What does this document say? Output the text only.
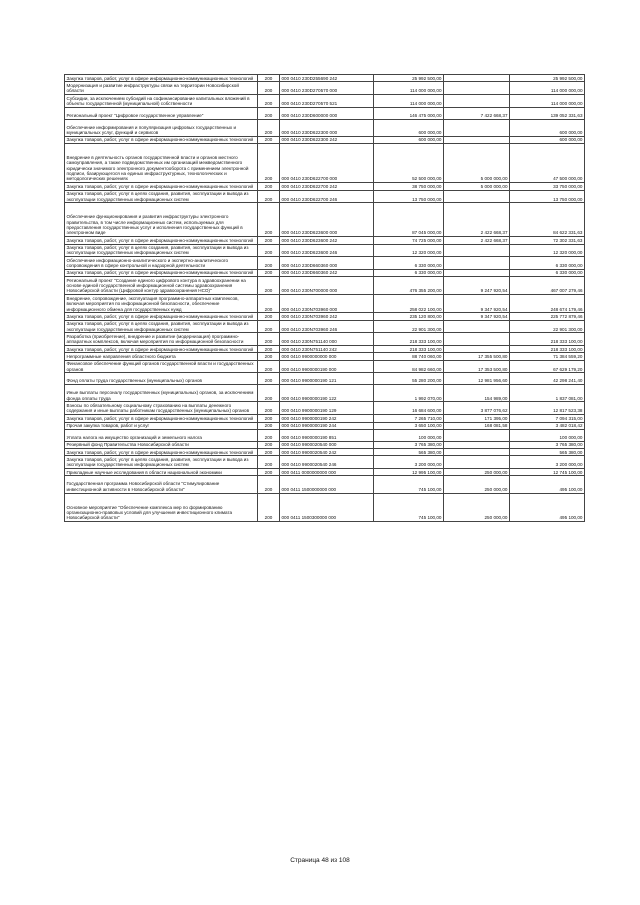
Закупка товаров, работ, услуг в сфере информационно-коммуникационных технологий	200	000 0410 230D255690 242	25 992 500,00		25 992 500,00
Модернизация и развитие инфраструктуры связи на территории Новосибирской области	200	000 0410 230D270570 000	114 000 000,00		114 000 000,00
Субсидии, за исключением субсидий на софинансирование капитальных вложений в объекты государственной (муниципальной) собственности	200	000 0410 230D270570 521	114 000 000,00		114 000 000,00
Региональный проект "Цифровое государственное управление"	200	000 0410 230D600000 000	146 475 000,00	7 422 668,37	139 052 331,63
Обеспечение информирования и популяризация цифровых государственных и муниципальных услуг, функций и сервисов	200	000 0410 230D622300 000	600 000,00		600 000,00
Закупка товаров, работ, услуг в сфере информационно-коммуникационных технологий	200	000 0410 230D622300 242	600 000,00		600 000,00
Внедрение в деятельность органов государственной власти и органов местного самоуправления, а также подведомственных им организаций межведомственного юридически значимого электронного документооборота с применением электронной подписи, базирующегося на единых инфраструктурных, технологических и методологических решениях	200	000 0410 230D622700 000	52 500 000,00	5 000 000,00	47 500 000,00
Закупка товаров, работ, услуг в сфере информационно-коммуникационных технологий	200	000 0410 230D622700 242	38 750 000,00	5 000 000,00	33 750 000,00
Закупка товаров, работ, услуг в целях создания, развития, эксплуатации и вывода из эксплуатации государственных информационных систем	200	000 0410 230D622700 246	13 750 000,00		13 750 000,00
Обеспечение функционирования и развития инфраструктуры электронного правительства, в том числе информационных систем, используемых для предоставления государственных услуг и исполнения государственных функций в электронном виде	200	000 0410 230D623600 000	87 045 000,00	2 422 668,37	84 622 331,63
Закупка товаров, работ, услуг в сфере информационно-коммуникационных технологий	200	000 0410 230D623600 242	74 725 000,00	2 422 668,37	72 302 331,63
Закупка товаров, работ, услуг в целях создания, развития, эксплуатации и вывода из эксплуатации государственных информационных систем	200	000 0410 230D623600 246	12 320 000,00		12 320 000,00
Обеспечение информационно-аналитического и экспертно-аналитического сопровождения в сфере контрольной и надзорной деятельности	200	000 0410 230D660360 000	6 330 000,00		6 330 000,00
Закупка товаров, работ, услуг в сфере информационно-коммуникационных технологий	200	000 0410 230D660360 242	6 330 000,00		6 330 000,00
Региональный проект "Создание единого цифрового контура в здравоохранении на основе единой государственной информационной системы здравоохранения Новосибирской области (Цифровой контур здравоохранения НСО)"	200	000 0410 230N700000 000	476 355 200,00	9 247 920,54	467 007 279,46
Внедрение, сопровождение, эксплуатация программно-аппаратных комплексов, включая мероприятия по информационной безопасности, обеспечение информационного обмена для государственных нужд	200	000 0410 230N703960 000	258 022 100,00	9 347 920,54	248 674 179,46
Закупка товаров, работ, услуг в сфере информационно-коммуникационных технологий	200	000 0410 230N703960 242	235 120 800,00	9 347 920,54	225 772 879,46
Закупка товаров, работ, услуг в целях создания, развития, эксплуатации и вывода из эксплуатации государственных информационных систем	200	000 0410 230N703960 246	22 901 300,00		22 901 300,00
Разработка (приобретение), внедрение и развитие (модернизация) программно-аппаратных комплексов, включая мероприятия по информационной безопасности	200	000 0410 230N751140 000	218 333 100,00		218 333 100,00
Закупка товаров, работ, услуг в сфере информационно-коммуникационных технологий	200	000 0410 230N751140 242	218 333 100,00		218 333 100,00
Непрограммные направления областного бюджета	200	000 0410 9900000000 000	88 740 060,00	17 355 500,80	71 384 559,20
Финансовое обеспечение функций органов государственной власти и государственных органов	200	000 0410 9900000190 000	84 982 660,00	17 353 500,80	67 629 179,20
Фонд оплаты труда государственных (муниципальных) органов	200	000 0410 9900000190 121	55 280 200,00	12 981 956,60	42 298 241,40
Иные выплаты персоналу государственных (муниципальных) органов, за исключением фонда оплаты труда	200	000 0410 9900000190 122	1 992 070,00	154 989,00	1 837 081,00
Взносы по обязательному социальному страхованию на выплаты денежного содержания и иные выплаты работникам государственных (муниципальных) органов	200	000 0410 9900000190 129	16 684 600,00	3 877 076,62	12 817 523,38
Закупка товаров, работ, услуг в сфере информационно-коммуникационных технологий	200	000 0410 9900000190 242	7 265 710,00	171 395,00	7 094 315,00
Прочая закупка товаров, работ и услуг	200	000 0410 9900000190 244	3 650 100,00	168 081,58	3 482 018,42
Уплата налога на имущество организаций и земельного налога	200	000 0410 9900000190 851	100 000,00		100 000,00
Резервный фонд Правительства Новосибирской области	200	000 0410 9900020540 000	3 765 380,00		3 765 380,00
Закупка товаров, работ, услуг в сфере информационно-коммуникационных технологий	200	000 0410 9900020540 242	565 380,00		565 380,00
Закупка товаров, работ, услуг в целях создания, развития, эксплуатации и вывода из эксплуатации государственных информационных систем	200	000 0410 9900020540 246	3 200 000,00		3 200 000,00
Прикладные научные исследования в области национальной экономики	200	000 0411 0000000000 000	12 995 100,00	250 000,00	12 745 100,00
Государственная программа Новосибирской области "Стимулирование инвестиционной активности в Новосибирской области"	200	000 0411 1500000000 000	745 100,00	250 000,00	495 100,00
Основное мероприятие "Обеспечение комплекса мер по формированию организационно-правовых условий для улучшения инвестиционного климата Новосибирской области"	200	000 0411 1500300000 000	745 100,00	250 000,00	495 100,00
Страница 48 из 108
